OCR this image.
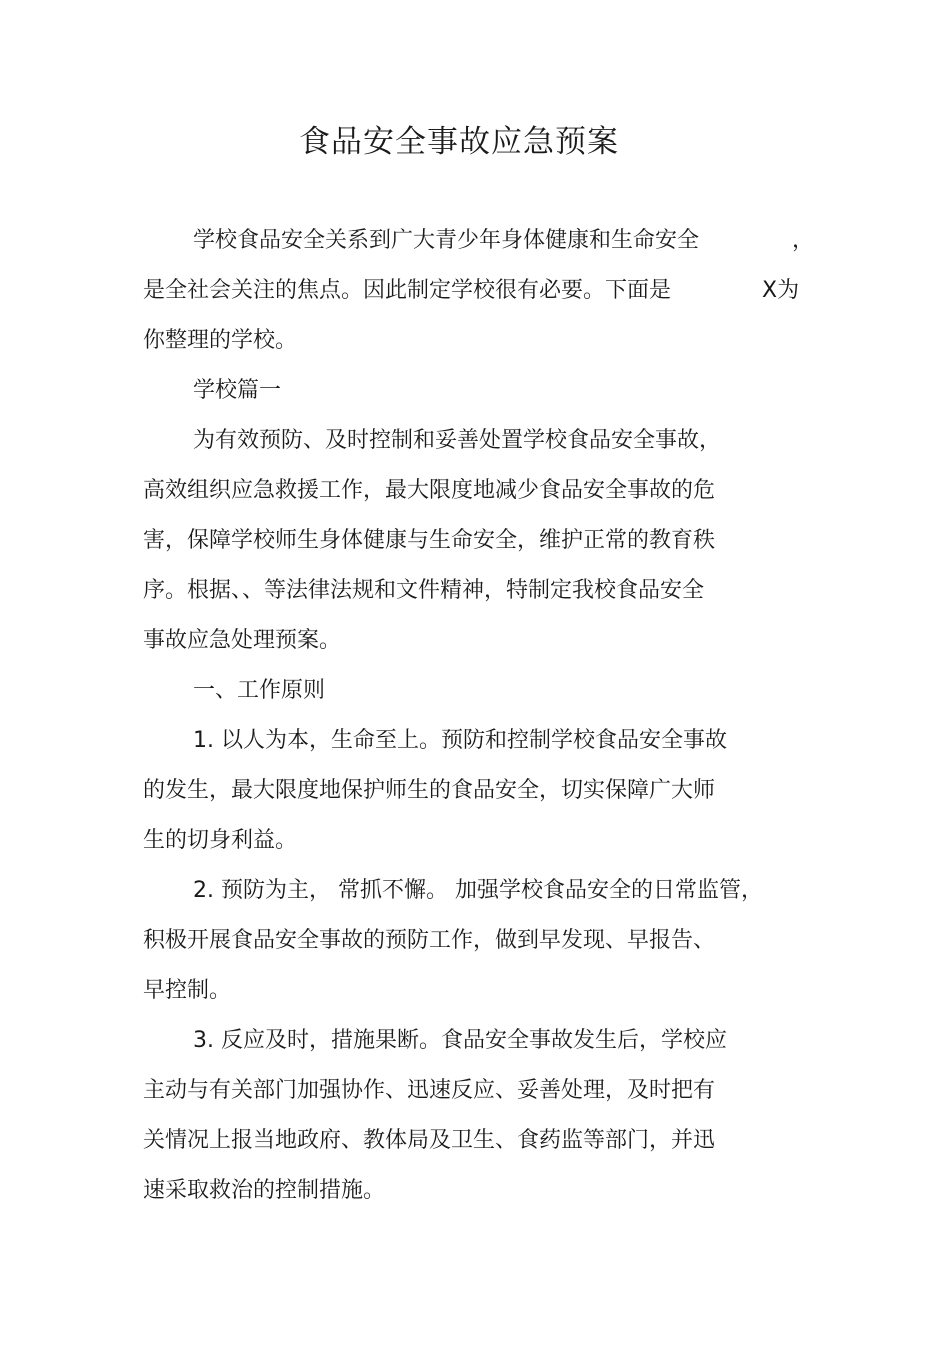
食品安全事故应急预案
学校食品安全关系到广大青少年身体健康和生命安全	，
是全社会关注的焦点。因此制定学校很有必要。下面是	X为
你整理的学校。
学校篇一
为有效预防、及时控制和妥善处置学校食品安全事故，
高效组织应急救援工作，最大限度地减少食品安全事故的危
害，保障学校师生身体健康与生命安全，维护正常的教育秩
序。根据、、等法律法规和文件精神，特制定我校食品安全
事故应急处理预案。
一、工作原则
1. 以人为本，生命至上。预防和控制学校食品安全事故
的发生，最大限度地保护师生的食品安全，切实保障广大师
生的切身利益。
2. 预防为主， 常抓不懈。 加强学校食品安全的日常监管，
积极开展食品安全事故的预防工作，做到早发现、早报告、
早控制。
3. 反应及时，措施果断。食品安全事故发生后，学校应
主动与有关部门加强协作、迅速反应、妥善处理，及时把有
关情况上报当地政府、教体局及卫生、食药监等部门，并迅
速采取救治的控制措施。
